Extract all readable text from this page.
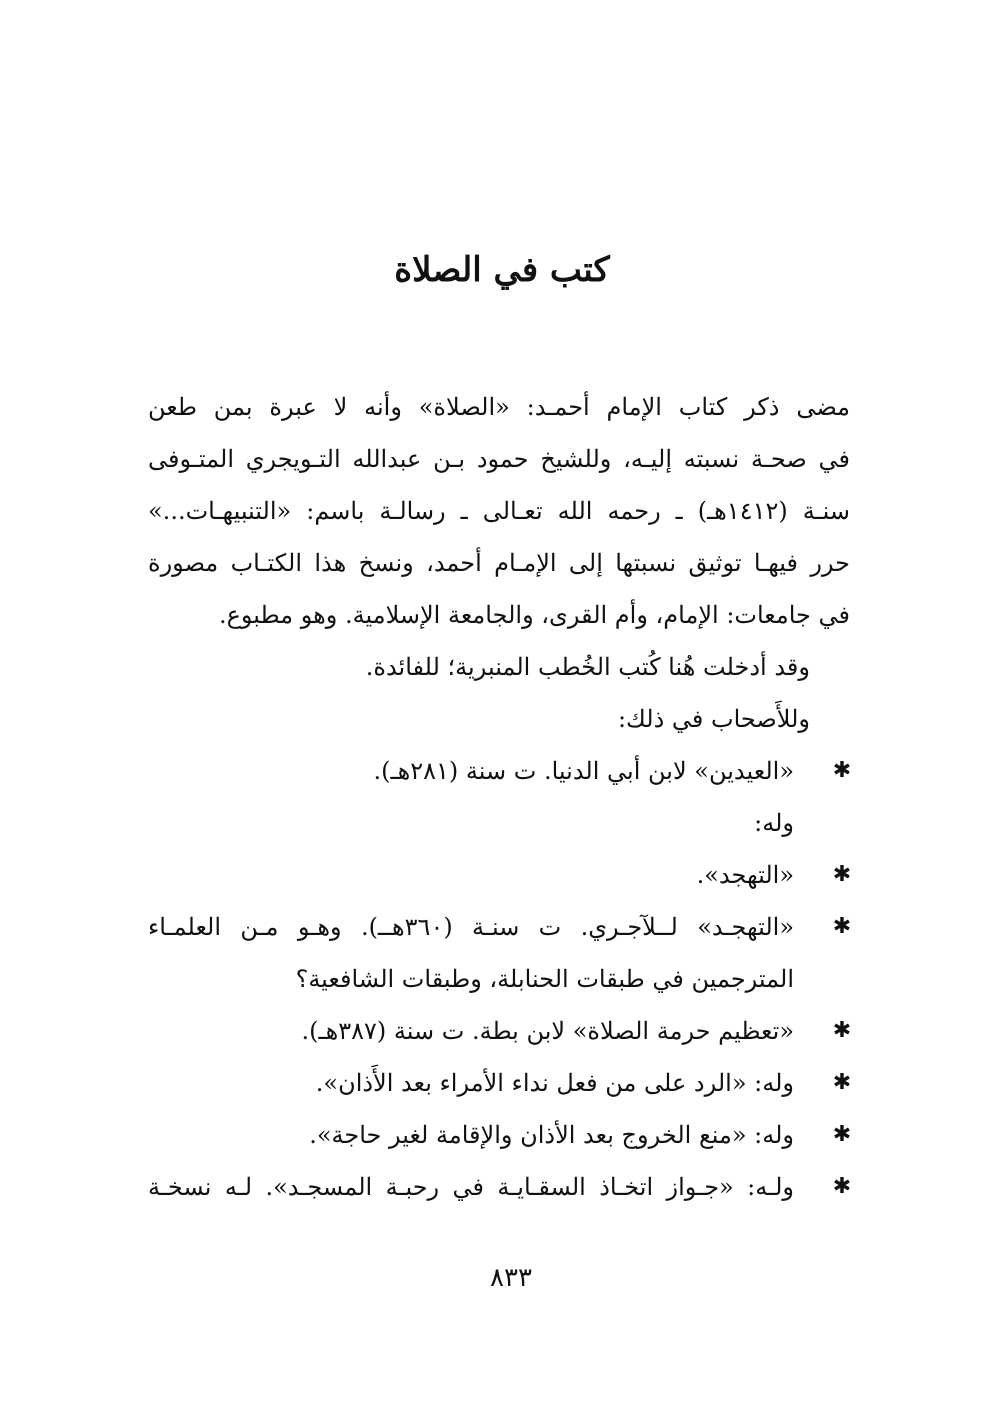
كتب في الصلاة
مضى ذكر كتاب الإمام أحمـد: «الصلاة» وأنه لا عبرة بمن طعن
في صحـة نسبته إليـه، وللشيخ حمود بـن عبدالله التـويجري المتـوفى
سنـة (١٤١٢هـ) ـ رحمه الله تعـالى ـ رسالـة باسم: «التنبيهـات...»
حرر فيهـا توثيق نسبتها إلى الإمـام أحمد، ونسخ هذا الكتـاب مصورة
في جامعات: الإمام، وأم القرى، والجامعة الإسلامية. وهو مطبوع.
وقد أدخلت هُنا كُتب الخُطب المنبرية؛ للفائدة.
وللأَصحاب في ذلك:
✱
«العيدين» لابن أبي الدنيا. ت سنة (٢٨١هـ).
وله:
✱
«التهجد».
✱
«التهجـد» لــلآجـري. ت سنـة (٣٦٠هــ). وهـو مـن العلمـاء
المترجمين في طبقات الحنابلة، وطبقات الشافعية؟
✱
«تعظيم حرمة الصلاة» لابن بطة. ت سنة (٣٨٧هـ).
✱
وله: «الرد على من فعل نداء الأمراء بعد الأَذان».
✱
وله: «منع الخروج بعد الأذان والإقامة لغير حاجة».
✱
ولـه: «جـواز اتخـاذ السقـايـة في رحبـة المسجـد». لـه نسخـة
٨٣٣
